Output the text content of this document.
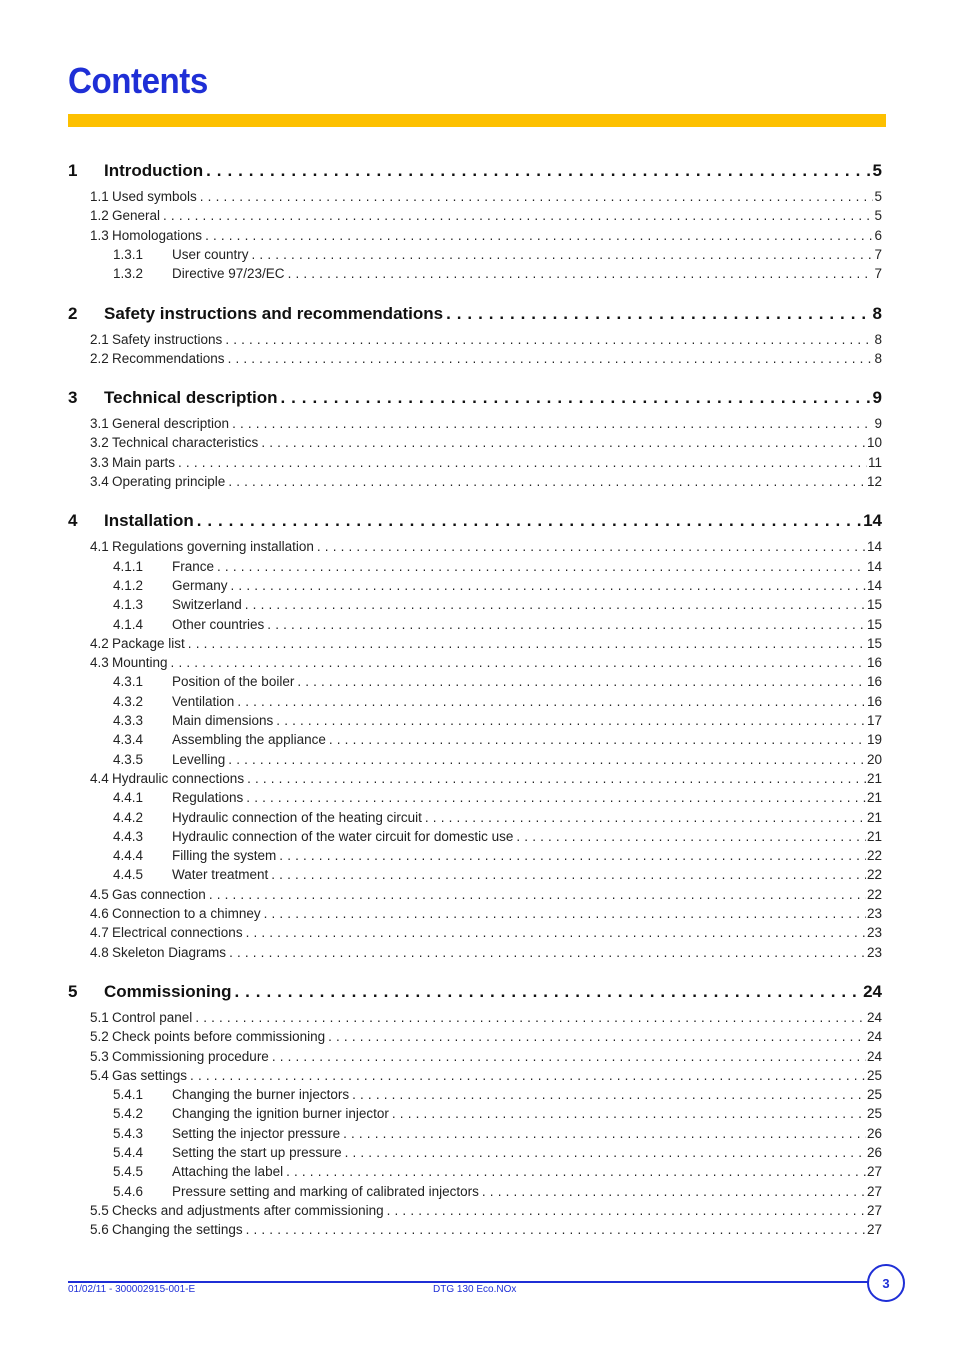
Contents
1	Introduction . . .	5
1.1 Used symbols . . .	5
1.2 General . . .	5
1.3 Homologations . . .	6
1.3.1	User country . . .	7
1.3.2	Directive 97/23/EC . . .	7
2	Safety instructions and recommendations . . .	8
2.1 Safety instructions . . .	8
2.2 Recommendations . . .	8
3	Technical description . . .	9
3.1 General description . . .	9
3.2 Technical characteristics . . .	10
3.3 Main parts . . .	11
3.4 Operating principle . . .	12
4	Installation . . .	14
4.1 Regulations governing installation . . .	14
4.1.1	France . . .	14
4.1.2	Germany . . .	14
4.1.3	Switzerland . . .	15
4.1.4	Other countries . . .	15
4.2 Package list . . .	15
4.3 Mounting . . .	16
4.3.1	Position of the boiler . . .	16
4.3.2	Ventilation . . .	16
4.3.3	Main dimensions . . .	17
4.3.4	Assembling the appliance . . .	19
4.3.5	Levelling . . .	20
4.4 Hydraulic connections . . .	21
4.4.1	Regulations . . .	21
4.4.2	Hydraulic connection of the heating circuit . . .	21
4.4.3	Hydraulic connection of the water circuit for domestic use . . .	21
4.4.4	Filling the system . . .	22
4.4.5	Water treatment . . .	22
4.5 Gas connection . . .	22
4.6 Connection to a chimney . . .	23
4.7 Electrical connections . . .	23
4.8 Skeleton Diagrams . . .	23
5	Commissioning . . .	24
5.1 Control panel . . .	24
5.2 Check points before commissioning . . .	24
5.3 Commissioning procedure . . .	24
5.4 Gas settings . . .	25
5.4.1	Changing the burner injectors . . .	25
5.4.2	Changing the ignition burner injector . . .	25
5.4.3	Setting the injector pressure . . .	26
5.4.4	Setting the start up pressure . . .	26
5.4.5	Attaching the label . . .	27
5.4.6	Pressure setting and marking of calibrated injectors . . .	27
5.5 Checks and adjustments after commissioning . . .	27
5.6 Changing the settings . . .	27
01/02/11 - 300002915-001-E	DTG 130 Eco.NOx	3
